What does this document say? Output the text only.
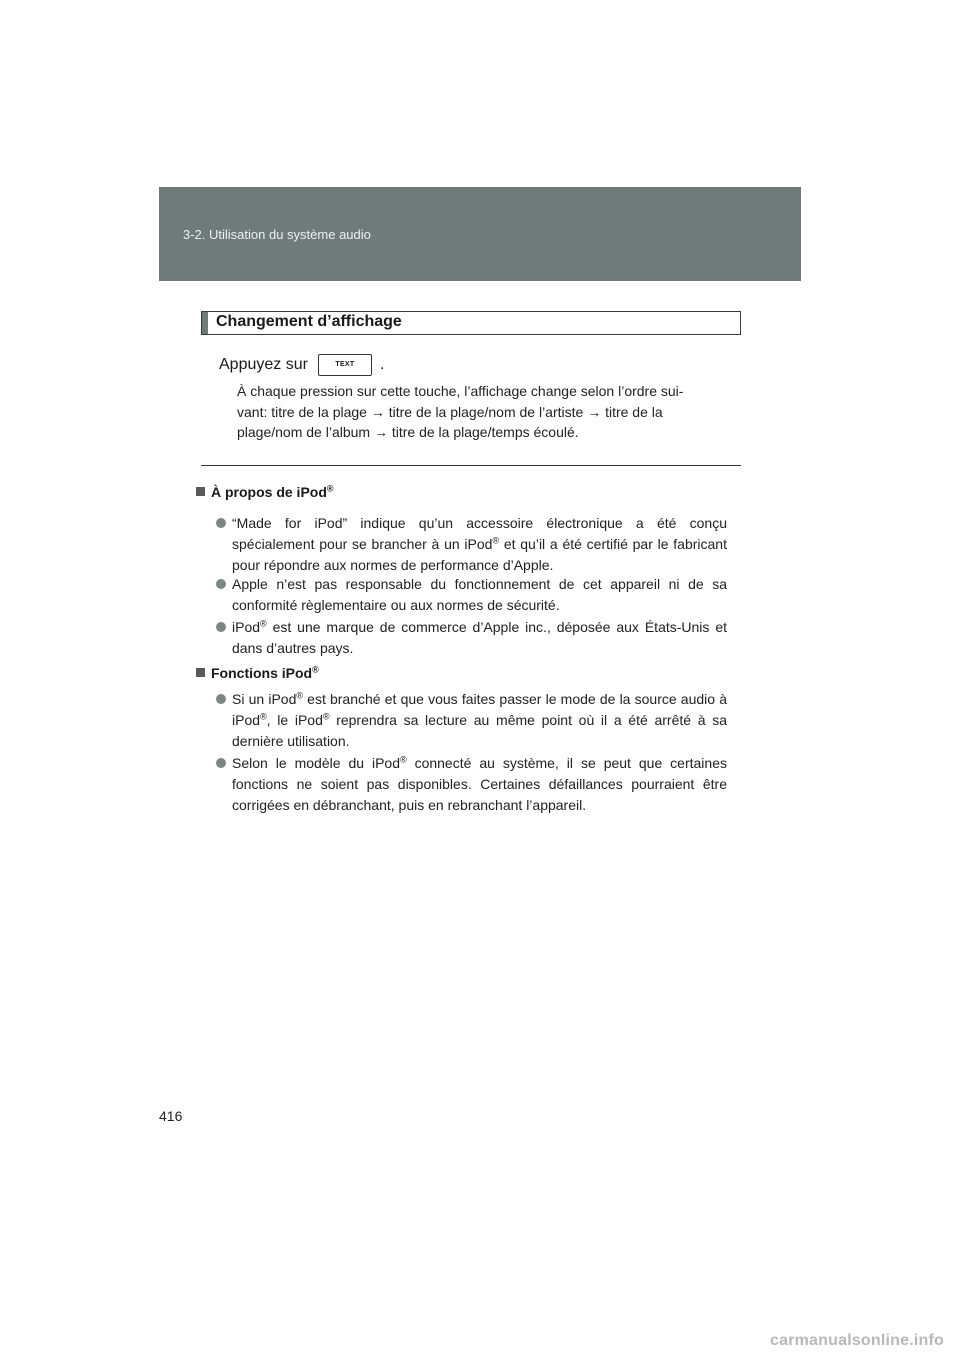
3-2. Utilisation du système audio
Changement d’affichage
Appuyez sur	TEXT	.
À chaque pression sur cette touche, l’affichage change selon l’ordre sui-
vant: titre de la plage → titre de la plage/nom de l’artiste → titre de la
plage/nom de l’album → titre de la plage/temps écoulé.
À propos de iPod®
“Made for iPod” indique qu’un accessoire électronique a été conçu spécialement pour se brancher à un iPod® et qu’il a été certifié par le fabricant pour répondre aux normes de performance d’Apple.
Apple n’est pas responsable du fonctionnement de cet appareil ni de sa conformité règlementaire ou aux normes de sécurité.
iPod® est une marque de commerce d’Apple inc., déposée aux États-Unis et dans d’autres pays.
Fonctions iPod®
Si un iPod® est branché et que vous faites passer le mode de la source audio à iPod®, le iPod® reprendra sa lecture au même point où il a été arrêté à sa dernière utilisation.
Selon le modèle du iPod® connecté au système, il se peut que certaines fonctions ne soient pas disponibles. Certaines défaillances pourraient être corrigées en débranchant, puis en rebranchant l’appareil.
416
carmanualsonline.info
